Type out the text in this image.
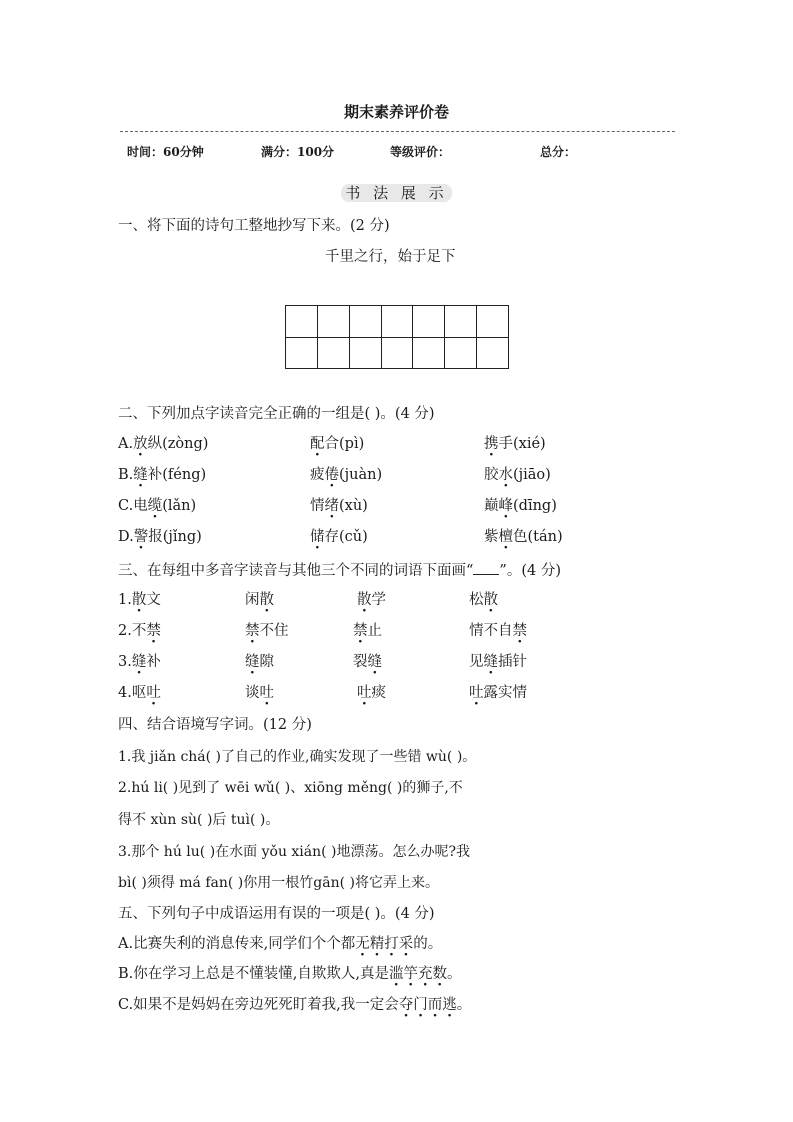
期末素养评价卷
时间：60分钟	满分：100分	等级评价：	总分：
书 法 展 示
一、将下面的诗句工整地抄写下来。(2 分)
千里之行，始于足下
二、下列加点字读音完全正确的一组是( )。(4 分)
A.放纵(zòng)	配合(pì)	携手(xié)
B.缝补(féng)	疲倦(juàn)	胶水(jiāo)
C.电缆(lǎn)	情绪(xù)	巅峰(dīng)
D.警报(jǐng)	储存(cǔ)	紫檀色(tán)
三、在每组中多音字读音与其他三个不同的词语下面画“ ”。(4 分)
1.散文	闲散	散学	松散
2.不禁	禁不住	禁止	情不自禁
3.缝补	缝隙	裂缝	见缝插针
4.呕吐	谈吐	吐痰	吐露实情
四、结合语境写字词。(12 分)
1.我 jiǎn chá( )了自己的作业,确实发现了一些错 wù( )。
2.hú li( )见到了 wēi wǔ( )、xiōng měng( )的狮子,不
得不 xùn sù( )后 tuì( )。
3.那个 hú lu( )在水面 yǒu xián( )地漂荡。怎么办呢?我
bì( )须得 má fan( )你用一根竹gān( )将它弄上来。
五、下列句子中成语运用有误的一项是( )。(4 分)
A.比赛失利的消息传来,同学们个个都无精打采的。
B.你在学习上总是不懂装懂,自欺欺人,真是滥竽充数。
C.如果不是妈妈在旁边死死盯着我,我一定会夺门而逃。
